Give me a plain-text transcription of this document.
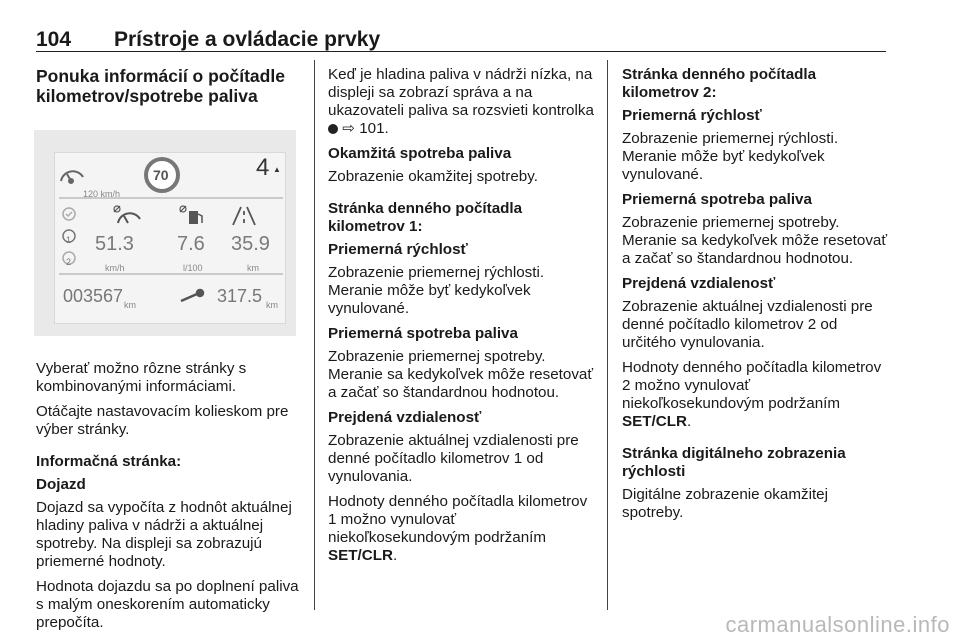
104 Prístroje a ovládacie prvky
Ponuka informácií o počítadle kilometrov/spotrebe paliva
120 km/h
70	4 ▲
1
2
51.3
km/h
7.6
l/100
35.9
km
003567 km	317.5 km

Vyberať možno rôzne stránky s kombinovanými informáciami.

Otáčajte nastavovacím kolieskom pre výber stránky.

Informačná stránka:
Dojazd

Dojazd sa vypočíta z hodnôt aktuálnej hladiny paliva v nádrži a aktuálnej spotreby. Na displeji sa zobrazujú priemerné hodnoty.

Hodnota dojazdu sa po doplnení paliva s malým oneskorením automaticky prepočíta.

Keď je hladina paliva v nádrži nízka, na displeji sa zobrazí správa a na ukazovateli paliva sa rozsvieti kontrolka  ⇨ 101.

Okamžitá spotreba paliva

Zobrazenie okamžitej spotreby.

Stránka denného počítadla kilometrov 1:
Priemerná rýchlosť

Zobrazenie priemernej rýchlosti. Meranie môže byť kedykoľvek vynulované.

Priemerná spotreba paliva

Zobrazenie priemernej spotreby. Meranie sa kedykoľvek môže resetovať a začať so štandardnou hodnotou.

Prejdená vzdialenosť

Zobrazenie aktuálnej vzdialenosti pre denné počítadlo kilometrov 1 od vynulovania.

Hodnoty denného počítadla kilometrov 1 možno vynulovať niekoľkosekundovým podržaním SET/CLR.

Stránka denného počítadla kilometrov 2:
Priemerná rýchlosť

Zobrazenie priemernej rýchlosti. Meranie môže byť kedykoľvek vynulované.

Priemerná spotreba paliva

Zobrazenie priemernej spotreby. Meranie sa kedykoľvek môže resetovať a začať so štandardnou hodnotou.

Prejdená vzdialenosť

Zobrazenie aktuálnej vzdialenosti pre denné počítadlo kilometrov 2 od určitého vynulovania.

Hodnoty denného počítadla kilometrov 2 možno vynulovať niekoľkosekundovým podržaním SET/CLR.

Stránka digitálneho zobrazenia rýchlosti

Digitálne zobrazenie okamžitej spotreby.

carmanualsonline.info
